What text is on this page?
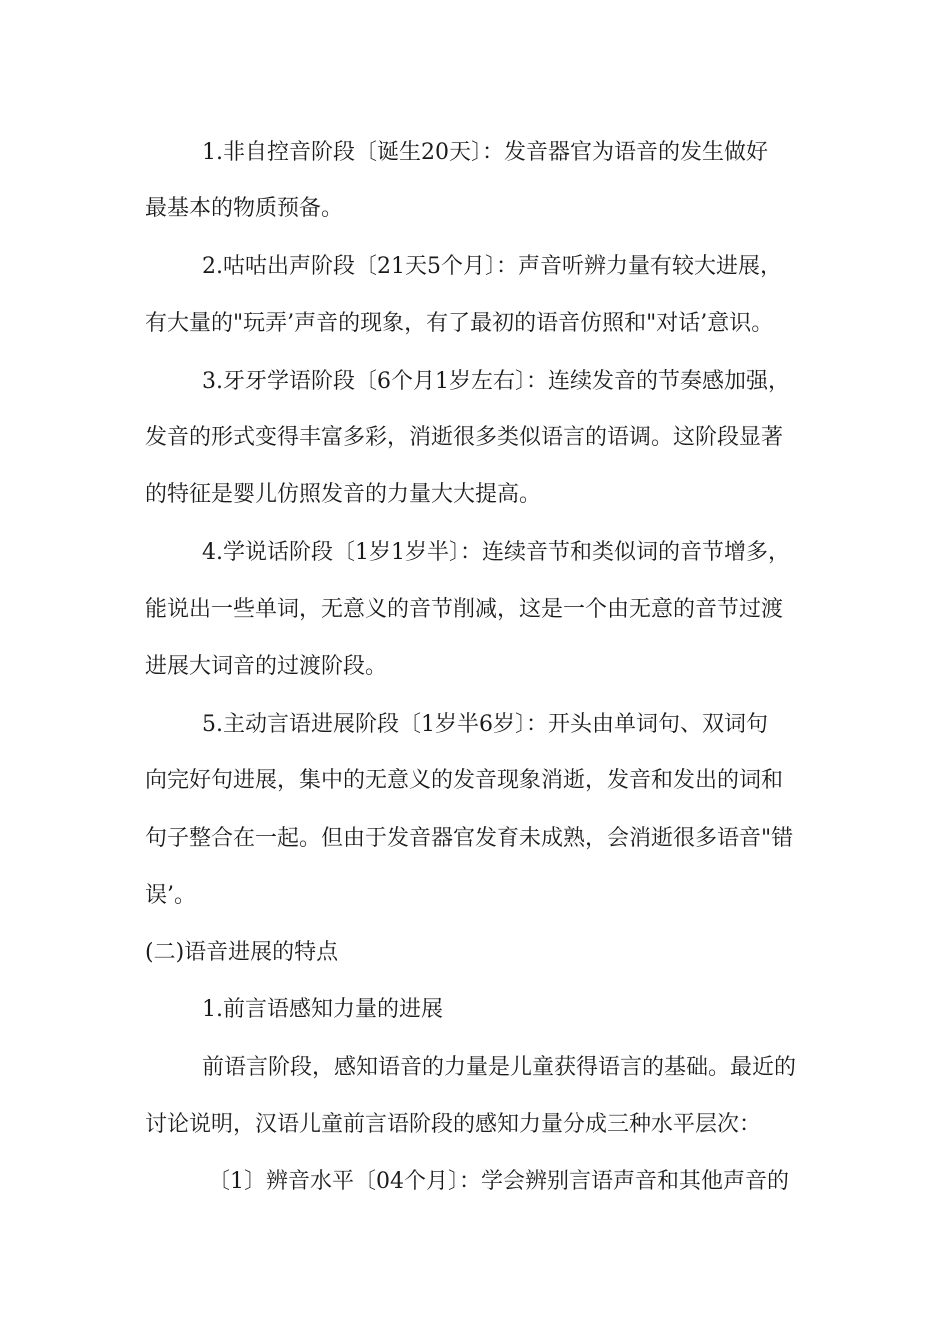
1.非自控音阶段〔诞生20天〕：发音器官为语音的发生做好
最基本的物质预备。
2.咕咕出声阶段〔21天5个月〕：声音听辨力量有较大进展，
有大量的"玩弄’声音的现象，有了最初的语音仿照和"对话’意识。
3.牙牙学语阶段〔6个月1岁左右〕：连续发音的节奏感加强，
发音的形式变得丰富多彩，消逝很多类似语言的语调。这阶段显著
的特征是婴儿仿照发音的力量大大提高。
4.学说话阶段〔1岁1岁半〕：连续音节和类似词的音节增多，
能说出一些单词，无意义的音节削减，这是一个由无意的音节过渡
进展大词音的过渡阶段。
5.主动言语进展阶段〔1岁半6岁〕：开头由单词句、双词句
向完好句进展，集中的无意义的发音现象消逝，发音和发出的词和
句子整合在一起。但由于发音器官发育未成熟，会消逝很多语音"错
误’。
(二)语音进展的特点
1.前言语感知力量的进展
前语言阶段，感知语音的力量是儿童获得语言的基础。最近的
讨论说明，汉语儿童前言语阶段的感知力量分成三种水平层次：
〔1〕辨音水平〔04个月〕：学会辨别言语声音和其他声音的
